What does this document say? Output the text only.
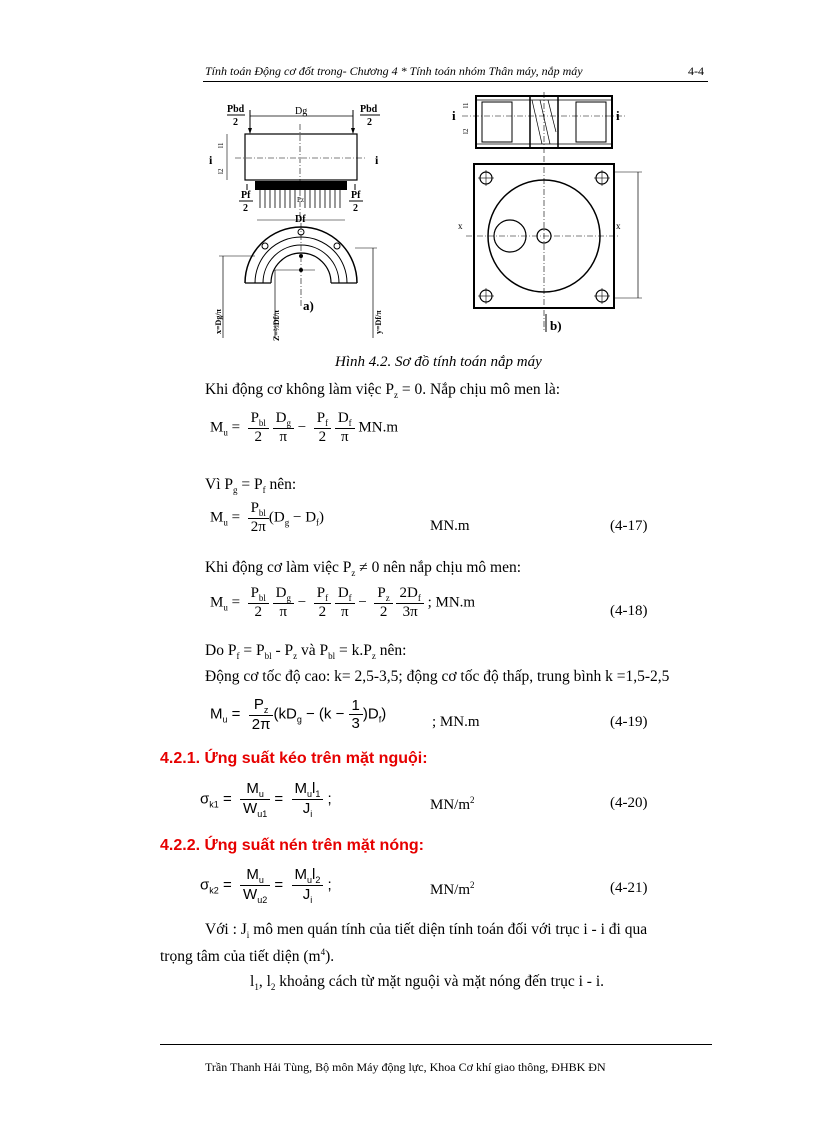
Tính toán Động cơ đốt trong- Chương 4 * Tính toán nhóm Thân máy, nắp máy	4-4
Pbd
2
Dg	Pbd
2
i	i
l1
l2
Pz
Pf
2
Pf
2
Df
x=Dg/π	Z=⅔Df/π	y=Df/π
a)
i	i
l1
l2
x	x
b)
Hình 4.2. Sơ đồ tính toán nắp máy
Khi động cơ không làm việc $P_z = 0$. Nắp chịu mô men là:
$M_u = \frac{P_{bl}}{2}$
$\frac{D_g}{\pi} - \frac{P_f}{2}$
$\frac{D_f}{\pi} MN.m$
Vì $P_g = P_f$ nên:
$M_u = \frac{P_{bl}}{2\pi} (D_g - D_f)$
MN.m	(4-17)
Khi động cơ làm việc $P_z \ne 0$ nên nắp chịu mô men:
$M_u = \frac{P_{bl}}{2}$
$\frac{D_g}{\pi} - \frac{P_f}{2}$
$\frac{D_f}{\pi} - \frac{P_z}{2}$
$\frac{2D_f}{3\pi}$ ; MN.m
(4-18)
Do $P_f = P_{bl} - P_z$ và $P_{bl} = k.P_z$ nên:
Động cơ tốc độ cao: k= 2,5-3,5; động cơ tốc độ thấp, trung bình k =1,5-2,5
$M_u = \frac{P_z}{2\pi} (kD_g - (k - \frac{1}{3} )D_f)$	; MN.m	(4-19)
4.2.1. Ứng suất kéo trên mặt nguội:
$\sigma_{k1} = \frac{M_u}{W_{u1}} = \frac{M_ul_1}{J_i}$ ;	$MN/m^2$	(4-20)
4.2.2. Ứng suất nén trên mặt nóng:
$\sigma_{k2} = \frac{M_u}{W_{u2}} = \frac{M_ul_2}{J_i}$ ;	$MN/m^2$	(4-21)
Với : $J_i$ mô men quán tính của tiết diện tính toán đối với trục i - i đi qua
trọng tâm của tiết diện $(m^4)$.
$l_1$, $l_2$ khoảng cách từ mặt nguội và mặt nóng đến trục i - i.
Trần Thanh Hải Tùng, Bộ môn Máy động lực, Khoa Cơ khí giao thông, ĐHBK ĐN
